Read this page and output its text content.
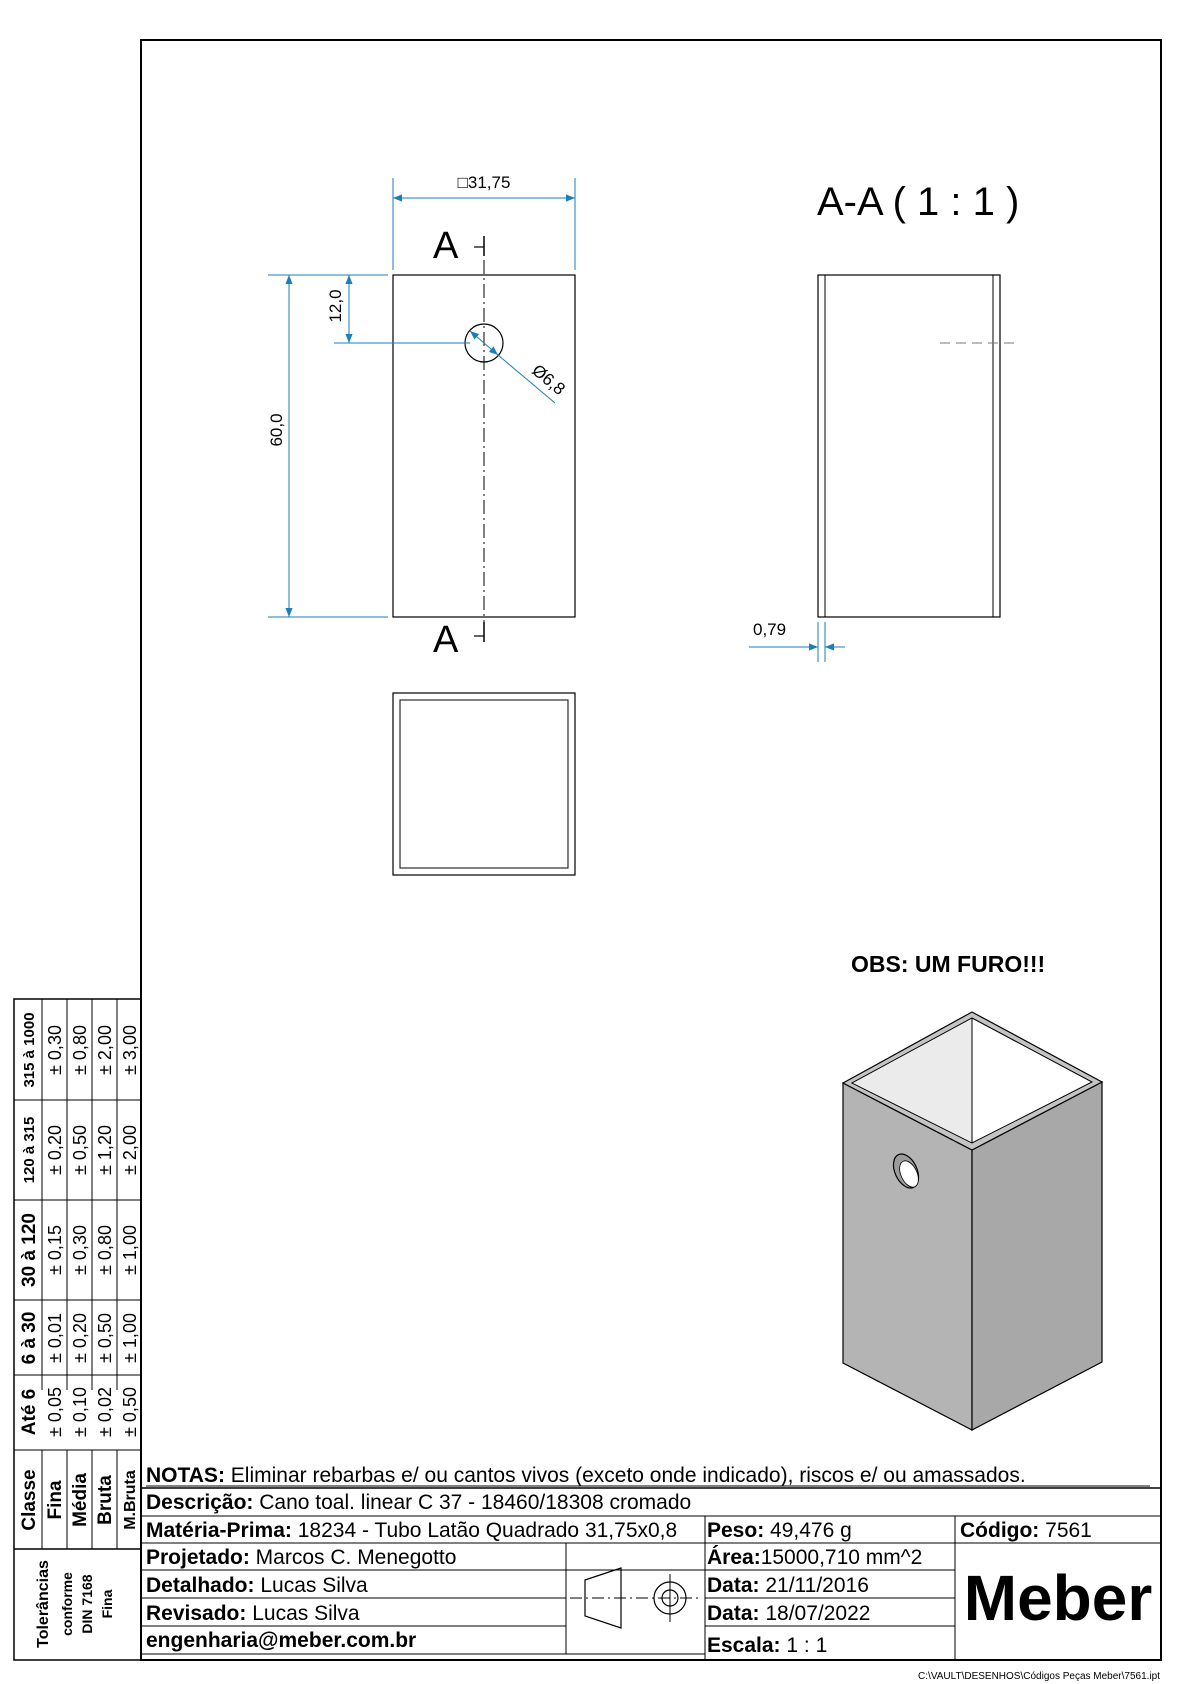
A
A
□31,75
60,0
12,0
Ø6,8
A-A ( 1 : 1 )
0,79
OBS: UM FURO!!!
315 à 1000
120 à 315
30 à 120
6 à 30
Até 6
± 0,30 ± 0,80 ± 2,00 ± 3,00
± 0,20 ± 0,50 ± 1,20 ± 2,00
± 0,15 ± 0,30 ± 0,80 ± 1,00
± 0,01 ± 0,20 ± 0,50 ± 1,00
± 0,05 ± 0,10 ± 0,02 ± 0,50
Classe Fina Média Bruta M.Bruta
Tolerâncias conforme DIN 7168 Fina
NOTAS: Eliminar rebarbas e/ ou cantos vivos (exceto onde indicado), riscos e/ ou amassados.
Descrição: Cano toal. linear C 37 - 18460/18308 cromado
Matéria-Prima: 18234 - Tubo Latão Quadrado 31,75x0,8 Peso: 49,476 g	Código: 7561
Projetado: Marcos C. Menegotto	Área:15000,710 mm^2
Detalhado: Lucas Silva	Data: 21/11/2016
Revisado: Lucas Silva	Data: 18/07/2022
engenharia@meber.com.br	Escala: 1 : 1
Meber
C:\VAULT\DESENHOS\Códigos Peças Meber\7561.ipt
